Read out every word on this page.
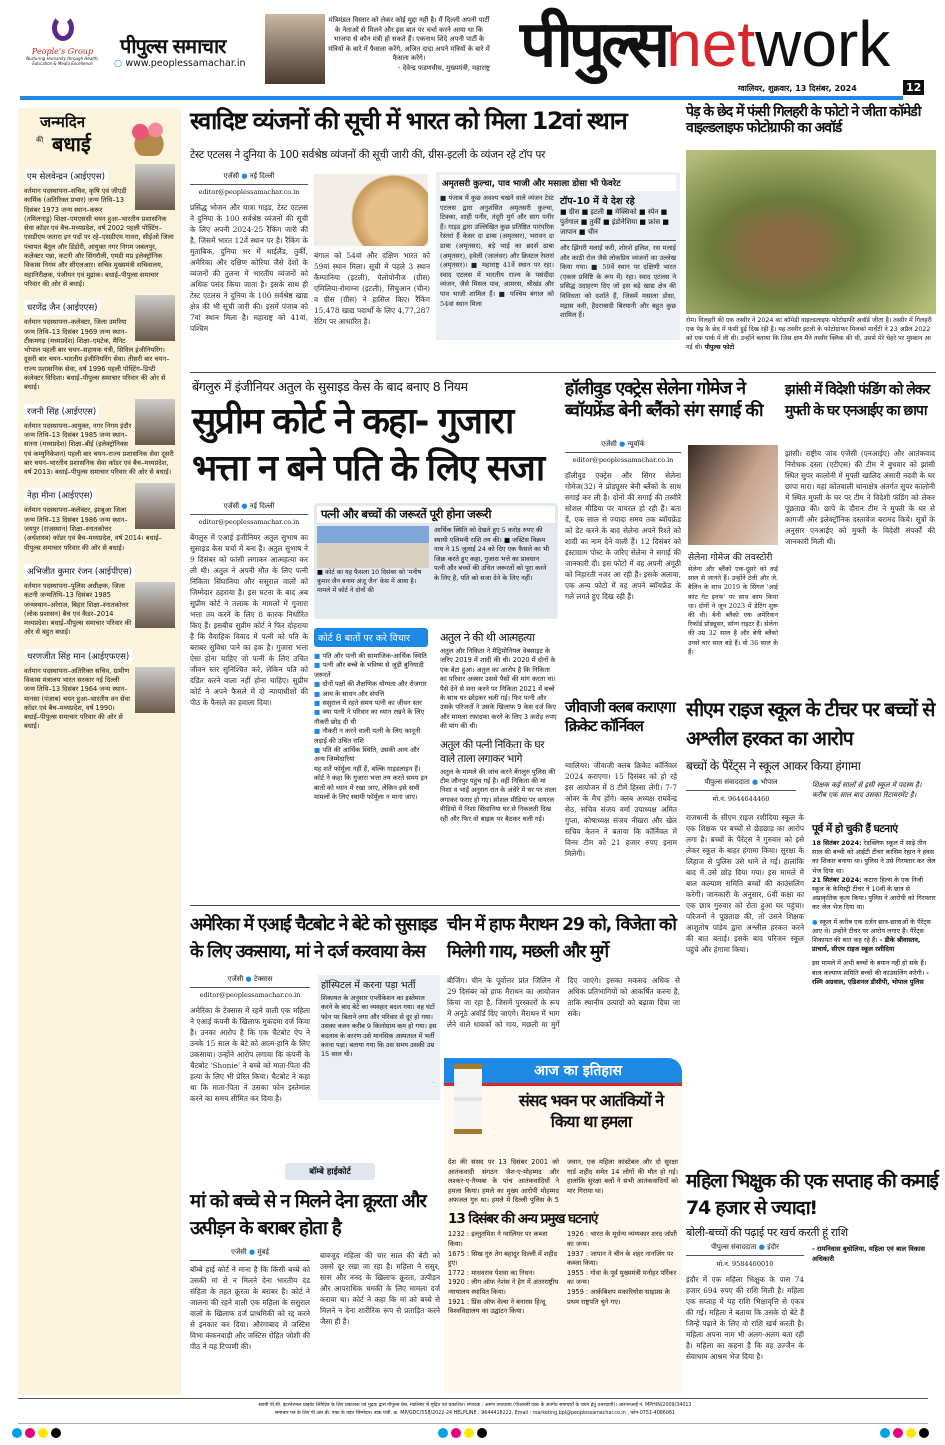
People's Group
Nurturing Humanity through Health, Education & Media Excellence
पीपुल्स समाचार
○ www.peoplessamachar.in
मंत्रिमंडल विस्तार को लेकर कोई मुद्दा नहीं है। मैं दिल्ली अपनी पार्टी के नेताओं से मिलने और इस बात पर चर्चा करने आया था कि भाजपा से कौन मंत्री हो सकते हैं। एकनाथ शिंदे अपनी पार्टी के मंत्रियों के बारे में फैसला करेंगे, अजित दादा अपने मंत्रियों के बारे में फैसला करेंगे।
- देवेन्द्र फडणवीस, मुख्यमंत्री, महाराष्ट्र पीपुल्सnetwork
ग्वालियर, शुक्रवार, 13 दिसंबर, 2024	12
जन्मदिन
की बधाई
एम सेलवेन्द्रन (आईएएस)
वर्तमान पदस्थापना–सचिव, कृषि एवं जीएडी कार्मिक (अतिरिक्त प्रभार) जन्म तिथि–13 दिसंबर 1973 जन्म स्थान–करूर (तमिलनाडु) शिक्षा–एमएससी चयन हुआ–भारतीय प्रशासनिक सेवा कॉडर एवं बैच–मध्यप्रदेश, वर्ष 2002 पहली पोस्टिंग–एसडीएम जतारा इन पदों पर रहे–एसडीएम गावरा, सीईओ जिला पंचायत बैतूल और डिंडोरी, आयुक्त नगर निगम जबलपुर, कलेक्टर पन्ना, कटनी और सिंगरौली, एमडी मप्र इलेक्ट्रॉनिक विकास निगम और सीएलआर। सचिव मुख्यमंत्री सचिवालय, महानिरीक्षक, पंजीयन एवं मुद्रांक। बधाई–पीपुल्स समाचार परिवार की ओर से बधाई।
धरणेंद्र जैन (आईएएस)
वर्तमान पदस्थापना–कलेक्टर, जिला उमरिया जन्म तिथि–13 दिसंबर 1969 जन्म स्थान–टीकमगढ़ (मध्यप्रदेश) शिक्षा–एमटेक, मैनिट भोपाल पहली बार चयन–सहायक यंत्री, सिविल इंजीनियरिंग। दूसरी बार चयन–भारतीय इंजीनियरिंग सेवा। तीसरी बार चयन–राज्य प्रशासनिक सेवा, वर्ष 1996 पहली पोस्टिंग–डिप्टी कलेक्टर विदिशा। बधाई–पीपुल्स समाचार परिवार की ओर से बधाई।
रजनी सिंह (आईएएस)
वर्तमान पदस्थापना–आयुक्त, नगर निगम इंदौर जन्म तिथि–13 दिसंबर 1985 जन्म स्थान–सतना (मध्यप्रदेश) शिक्षा–बीई (इलेक्ट्रॉनिक्स एवं कम्युनिकेशन) पहली बार चयन–राज्य प्रशासनिक सेवा दूसरी बार चयन–भारतीय प्रशासनिक सेवा कॉडर एवं बैच–मध्यप्रदेश, वर्ष 2013। बधाई–पीपुल्स समाचार परिवार की ओर से बधाई।
नेहा मीना (आईएएस)
वर्तमान पदस्थापना–कलेक्टर, झाबुआ जिला जन्म तिथि–13 दिसंबर 1986 जन्म स्थान–जयपुर (राजस्थान) शिक्षा–स्नातकोत्तर (अर्थशास्त्र) कॉडर एवं बैच–मध्यप्रदेश, वर्ष 2014। बधाई–पीपुल्स समाचार परिवार की ओर से बधाई।
अभिजीत कुमार रंजन (आईपीएस)
वर्तमान पदस्थापना–पुलिस अधीक्षक, जिला कटनी जन्मतिथि–13 दिसंबर 1985 जन्मस्थान–अरेराज, बिहार शिक्षा–स्नातकोत्तर (लोक प्रशासन) बैच एवं कैडर–2014 मध्यप्रदेश। बधाई–पीपुल्स समाचार परिवार की ओर से बहुत बधाई।
चरणजीत सिंह मान (आईएफएस)
वर्तमान पदस्थापना–अतिरिक्त सचिव, ग्रामीण विकास मंत्रालय भारत सरकार नई दिल्ली जन्म तिथि–13 दिसंबर 1964 जन्म स्थान–मानसा (पंजाब) चयन हुआ–भारतीय वन सेवा कॉडर एवं बैच–मध्यप्रदेश, वर्ष 1990। बधाई–पीपुल्स समाचार परिवार की ओर से बधाई।
स्वादिष्ट व्यंजनों की सूची में भारत को मिला 12वां स्थान
टेस्ट एटलस ने दुनिया के 100 सर्वश्रेष्ठ व्यंजनों की सूची जारी की, ग्रीस-इटली के व्यंजन रहे टॉप पर
एजेंसी ● नई दिल्ली
editor@peoplessamachar.co.in
प्रसिद्ध भोजन और यात्रा गाइड, टेस्ट एटलस ने दुनिया के 100 सर्वश्रेष्ठ व्यंजनों की सूची के लिए अपनी 2024-25 रैंकिंग जारी की है, जिसमें भारत 12वें स्थान पर है। रैंकिंग के मुताबिक, दुनिया भर में थाईलैंड, तुर्की, अमेरिका और दक्षिण कोरिया जैसे देशों के व्यंजनों की तुलना में भारतीय व्यंजनों को अधिक पसंद किया जाता है। इसके साथ ही टेस्ट एटलस ने दुनिया के 100 सर्वश्रेष्ठ खाद्य क्षेत्र की भी सूची जारी की। इसमें पंजाब को 7वां स्थान मिला है। महाराष्ट्र को 41वां, पश्चिम
बंगाल को 54वां और दक्षिण भारत को 59वां स्थान मिला। सूची में पहले 3 स्थान कैम्पानिया (इटली), पेलोपोनीज (ग्रीस) एमिलिया-रोमाग्ना (इटली), सिचुआन (चीन) व ग्रीस (ग्रीस) ने हासिल किए। रैंकिंग 15,478 खाद्य पदार्थों के लिए 4,77,287 रेटिंग पर आधारित है।
अमृतसरी कुल्चा, पाव भाजी और मसाला डोसा भी फेवरेट
■ पंजाब में कुछ अवश्य चखने वाले व्यंजन टेस्ट एटलस द्वारा अनुशंसित अमृतसरी कुल्चा, टिक्का, शाही पनीर, तंदूरी मुर्ग और साग पनीर हैं। गाइड द्वारा उल्लिखित कुछ प्रतिष्ठित पारंपरिक रेस्तरां हैं केसर दा ढाबा (अमृतसर), भरावन दा ढाबा (अमृतसर), बड़े भाई का ब्रदर्स ढाबा (अमृतसर), हवेली (जालंधर) और क्रिस्टल रेस्तरां (अमृतसर)। ■ महाराष्ट्र 41वें स्थान पर रहा। स्वाद एटलस में भारतीय राज्य के पसंदीदा व्यंजन, जैसे मिसल पाव, आमरस, श्रीखंड और पाव भाजी शामिल हैं। ■ पश्चिम बंगाल को 54वां स्थान मिला
टॉप-10 में ये देश रहे
■ ग्रीस ■ इटली ■ मेक्सिको ■ स्पेन ■ पुर्तगाल ■ तुर्की ■ इंडोनेशिया ■ फ्रांस ■ जापान ■ चीन
और झिंगरी मलाई करी, शोरशे इलिश, रस मलाई और काठी रोल जैसे लोकप्रिय व्यंजनों का उल्लेख किया गया। ■ 59वें स्थान पर दक्षिणी भारत (एकल प्रविष्टि के रूप में) रहा। स्वाद एटलस ने प्रसिद्ध उदाहरण दिए जो इस बड़े खाद्य क्षेत्र की विविधता को दर्शाते हैं, जिसमें मसाला डोसा, मद्रास करी, हैदराबादी बिरयानी और बहुत कुछ शामिल हैं।
पेड़ के छेद में फंसी गिलहरी के फोटो ने जीता कॉमेडी वाइल्डलाइफ फोटोग्राफी का अवॉर्ड
रोम। गिलहरी की एक तस्वीर ने 2024 का कॉमेडी वाइल्डलाइफ फोटोग्राफी अवॉर्ड जीता है। तस्वीर में गिलहरी एक पेड़ के छेद में फंसी हुई दिख रही है। यह तस्वीर इटली के फोटोग्राफर मिलको मार्चेटी ने 23 अप्रैल 2022 को एक पार्क में ली थी। उन्होंने बताया कि जिस क्षण मैंने तस्वीर क्लिक की थी, उससे मेरे चेहरे पर मुस्कान आ गई थी। पीपुल्स फोटो
बेंगलुरु में इंजीनियर अतुल के सुसाइड केस के बाद बनाए 8 नियम
सुप्रीम कोर्ट ने कहा- गुजारा भत्ता न बने पति के लिए सजा
एजेंसी ● नई दिल्ली
editor@peoplessamachar.co.in
बेंगलुरु में एआई इंजीनियर अतुल सुभाष का सुसाइड केस चर्चा में बना है। अतुल सुभाष ने 9 दिसंबर को फांसी लगाकर आत्महत्या कर ली थी। अतुल ने अपनी मौत के लिए पत्नी निकिता सिंघानिया और ससुराल वालों को जिम्मेदार ठहराया है। इस घटना के बाद अब सुप्रीम कोर्ट ने तलाक के मामलों में गुजारा भत्ता तय करने के लिए 8 कारक निर्धारित किए हैं। इसबीच सुप्रीम कोर्ट ने फिर दोहराया है कि वैवाहिक विवाद में पत्नी को पति के बराबर सुविधा पाने का हक है। गुजारा भत्ता ऐसा होना चाहिए जो पत्नी के लिए उचित जीवन स्तर सुनिश्चित करे, लेकिन पति को दंडित करने वाला नहीं होना चाहिए। सुप्रीम कोर्ट ने अपने फैसले में दो न्यायाधीशों की पीठ के फैसले का हवाला दिया।
पत्नी और बच्चों की जरूरतें पूरी होना जरूरी
■ कोर्ट का यह फैसला 10 दिसंबर को 'मनीष कुमार जैन बनाम अंजू जैन' केस में आया है। मामले में कोर्ट ने दोनों की
आर्थिक स्थिति को देखते हुए 5 करोड़ रुपए की स्थायी एलिमनी राशि तय की। ■ जस्टिस विक्रम नाथ ने 15 जुलाई 24 को दिए एक फैसले का भी जिक्र करते हुए कहा, गुजारा भत्ते का प्रावधान पत्नी और बच्चों की उचित जरूरतों को पूरा करने के लिए है, पति को सजा देने के लिए नहीं।
कोर्ट 8 बातों पर करे विचार
■ पति और पत्नी की सामाजिक-आर्थिक स्थिति
■ पत्नी और बच्चे के भविष्य से जुड़ी बुनियादी जरूरतें
■ दोनों पक्षों की शैक्षणिक योग्यता और रोजगार
■ आय के साधन और संपत्ति
■ ससुराल में रहते समय पत्नी का जीवन स्तर
■ क्या पत्नी ने परिवार का ध्यान रखने के लिए नौकरी छोड़ दी थी
■ नौकरी न करने वाली पत्नी के लिए कानूनी लड़ाई की उचित राशि
■ पति की आर्थिक स्थिति, उसकी आय और अन्य जिम्मेदारियां
यह शर्तें फॉर्मूला नहीं हैं, बल्कि गाइडलाइन हैं। कोर्ट ने कहा कि गुजारा भत्ता तय करते समय इन बातों को ध्यान में रखा जाए, लेकिन इसे सभी मामलों के लिए स्थायी फॉर्मूला न माना जाए।
अतुल ने की थी आत्महत्या
अतुल और निकिता ने मैट्रिमोनियल वेबसाइट के जरिए 2019 में शादी की थी। 2020 में दोनों के एक बेटा हुआ। अतुल का आरोप है कि निकिता का परिवार अक्सर उससे पैसों की मांग करता था। पैसे देने से मना करने पर निकिता 2021 में बच्चे के साथ घर छोड़कर चली गई। फिर पत्नी और उसके परिजनों ने उसके खिलाफ 9 केस दर्ज किए और मामला रफादफा करने के लिए 3 करोड़ रुपए की मांग की थी।
अतुल की पत्नी निकिता के घर वाले ताला लगाकर भागे
अतुल के मामले की जांच करने बेंगलुरु पुलिस की टीम जौनपुर पहुंच गई है। वहीं निकिता की मां निशा व भाई अनुराग रात के अंधेरे में घर पर ताला लगाकर फरार हो गए। सोशल मीडिया पर वायरल वीडियो में निशा सिंघानिया घर से निकलती दिख रही और फिर वो बाइक पर बैठकर चली गई।
हॉलीवुड एक्ट्रेस सेलेना गोमेज ने ब्वॉयफ्रेंड बेनी ब्लैंको संग सगाई की
एजेंसी ● न्यूयॉर्क
editor@peoplessamachar.co.in
हॉलीवुड एक्ट्रेस और सिंगर सेलेना गोमेज(32) ने प्रोड्यूसर बेनी ब्लैंको के साथ सगाई कर ली है। दोनों की सगाई की तस्वीरें सोशल मीडिया पर वायरल हो रही हैं। बता दें, एक साल से ज्यादा समय तक ब्वॉयफ्रेंड को डेट करने के बाद सेलेना अपने रिश्ते को शादी का नाम देने वाली हैं। 12 दिसंबर को इंस्टाग्राम पोस्ट के जरिए सेलेना ने सगाई की जानकारी दी। इस फोटो में वह अपनी अंगूठी को निहारती नजर आ रही हैं। इसके अलावा, एक अन्य फोटो में वह अपने ब्वॉयफ्रेंड के गले लगते हुए दिख रही हैं।
सेलेना गोमेज की लवस्टोरी
सेलेना और ब्लैंको एक-दूसरे को कई साल से जानते हैं। उन्होंने टेली और जे. बैलिन के साथ 2019 के सिंगल 'आई कांट गेट इनफ' पर साथ काम किया था। दोनों ने जून 2023 में डेटिंग शुरू की थी। बेनी ब्लैंको एक अमेरिकन रिकॉर्ड प्रोड्यूसर, सॉन्ग राइटर हैं। सेलेना की उम्र 32 साल है और बेनी ब्लैंको उनसे चार साल बड़े हैं। वो 36 साल के हैं।
झांसी में विदेशी फंडिंग को लेकर मुफ्ती के घर एनआईए का छापा
झांसी। राष्ट्रीय जांच एजेंसी (एनआईए) और आतंकवाद निरोधक दस्ता (एटीएस) की टीम ने बुधवार को झांसी स्थित सुपर कालोनी में मुफ्ती खालिद अंसारी नदवी के घर छापा मारा। यहां कोतवाली थानाक्षेत्र अंतर्गत सुपर कालोनी में स्थित मुफ्ती के घर पर टीम ने विदेशी फंडिंग को लेकर पूछताछ की। छापे के दौरान टीम ने मुफ्ती के घर से कागजी और इलेक्ट्रॉनिक दस्तावेज बरामद किये। सूत्रों के अनुसार एनआईए को मुफ्ती के विदेशी संपर्कों की जानकारी मिली थी।
जीवाजी क्लब कराएगा क्रिकेट कॉर्निवल
ग्वालियर। जीवाजी क्लब क्रिकेट कॉर्निवल 2024 कराएगा। 15 दिसंबर को हो रहे इस आयोजन में 8 टीमें हिस्सा लेंगी। 7-7 ओवर के मैच होंगे। क्लब अध्यक्ष राघवेन्द्र सेठ, सचिव संजय वर्मा उपाध्यक्ष अमित गुप्ता, कोषाध्यक्ष संजय नीखरा और खेल सचिव केतन ने बताया कि कॉर्निवल में विनर टीम को 21 हजार रुपए इनाम मिलेगी।
सीएम राइज स्कूल के टीचर पर बच्चों से अश्लील हरकत का आरोप
बच्चों के पैरेंट्स ने स्कूल आकर किया हंगामा
पीपुल्स संवाददाता ● भोपाल
मो.नं. 9644644460
शिक्षक कई सालों से इसी स्कूल में पदस्थ है। करीब एक साल बाद उसका रिटायरमेंट है।
राजधानी के सीएम राइज रशीदिया स्कूल के एक शिक्षक पर बच्चों से छेड़छाड़ का आरोप लगा है। बच्चों के पैरेंट्स ने गुरुवार को इसे लेकर स्कूल के बाहर हंगामा किया। सुरक्षा के लिहाज से पुलिस उसे थाने ले गई। हालांकि बाद में उसे छोड़ दिया गया। इस मामले में बाल कल्याण समिति बच्चों की काउंसलिंग करेगी। जानकारी के अनुसार, 6वीं कक्षा का एक छात्र गुरुवार को रोता हुआ घर पहुंचा। परिजनों ने पूछताछ की, तो उसने शिक्षक आशुतोष पांडेय द्वारा अश्लील हरकत करने की बात बताई। इसके बाद परिजन स्कूल पहुंचे और हंगामा किया।
पूर्व में हो चुकी हैं घटनाएं
18 सितंबर 2024: रेडक्लिफ स्कूल में साढ़े तीन साल की बच्ची को आईटी टीचर कासिम रेहान ने हवस का शिकार बनाया था। पुलिस ने उसे गिरफ्तार कर जेल भेज दिया था।
21 सितंबर 2024: कटारा हिल्स के एक निजी स्कूल के केमिस्ट्री टीचर ने 10वीं के छात्र से अप्राकृतिक कृत्य किया। पुलिस ने आरोपी को गिरफ्तार कर जेल भेज दिया था।
● स्कूल में करीब एक दर्जन छात्र-छात्राओं के पैरेंट्स आए थे। उन्होंने टीचर पर आरोप लगाए हैं। पैरेंट्स शिकायत की बात कह रहे हैं। - डीके श्रीवास्तव, प्राचार्य, सीएम राइज स्कूल रशीदिया
इस मामले में अभी बच्चों के बयान नहीं हो सके हैं। बाल कल्याण समिति बच्चों की काउंसलिंग करेगी। - रश्मि अग्रवाल, एडिशनल डीसीपी, भोपाल पुलिस
अमेरिका में एआई चैटबोट ने बेटे को सुसाइड के लिए उकसाया, मां ने दर्ज करवाया केस
एजेंसी ● टेक्सास
editor@peoplessamachar.co.in
अमेरिका के टेक्सास में रहने वाली एक महिला ने एआई कंपनी के खिलाफ मुकदमा दर्ज किया है। उनका आरोप है कि एक चैटबोट ऐप ने उनके 15 साल के बेटे को आत्म-हानि के लिए उकसाया। उन्होंने आरोप लगाया कि कंपनी के चैटबोट 'Shonie' ने बच्चे को माता-पिता की हत्या के लिए भी प्रेरित किया। चैटबोट ने कहा था कि माता-पिता ने उसका फोन इस्तेमाल करने का समय सीमित कर दिया है।
हॉस्पिटल में करना पड़ा भर्ती
शिकायत के अनुसार एप्लीकेशन का इस्तेमाल करने के बाद बेटे का व्यवहार बदल गया। वह घंटों फोन पर बिताने लगा और परिवार से दूर हो गया। उसका वजन करीब 9 किलोग्राम कम हो गया। इस बदलाव के कारण उसे मानसिक अस्पताल में भर्ती करना पड़ा। बताया गया कि उस समय उसकी उम्र 15 साल थी।
चीन में हाफ मैराथन 29 को, विजेता को मिलेगी गाय, मछली और मुर्गे
बीजिंग। चीन के पूर्वोत्तर प्रांत जिलिन में 29 दिसंबर को हाफ मैराथन का आयोजन किया जा रहा है, जिसमें पुरस्कारों के रूप में अनूठे अवॉर्ड दिए जाएंगे। मैराथन में भाग लेने वाले धावकों को गाय, मछली या मुर्गे दिए जाएंगे। इसका मकसद अधिक से अधिक प्रतिभागियों को आकर्षित करना है, ताकि स्थानीय उत्पादों को बढ़ावा दिया जा सके।
आज का इतिहास
संसद भवन पर आतंकियों ने किया था हमला
देश की संसद पर 13 दिसंबर 2001 को आतंकवादी संगठन जैश-ए-मोहम्मद और लश्कर-ए-तैय्यबा के पांच आतंकवादियों ने हमला किया। हमले का मुख्य आरोपी मोहम्मद अफजल गुरु था। हमले में दिल्ली पुलिस के 5 जवान, एक महिला कांस्टेबल और दो सुरक्षा गार्ड शहीद समेत 14 लोगों की मौत हो गई। हालांकि सुरक्षा बलों ने सभी आतंकवादियों को मार गिराया था।
13 दिसंबर की अन्य प्रमुख घटनाएं
1232 : इल्तुतमिश ने ग्वालियर पर कब्जा किया।
1675 : सिख गुरु तेग बहादुर दिल्ली में शहीद हुए।
1772 : माधवराव पेशवा का निधन।
1920 : लीग ऑफ नेशंस ने हेग में अंतरराष्ट्रीय न्यायालय स्थापित किया।
1921 : प्रिंस ऑफ वेल्स ने बनारस हिन्दू विश्वविद्यालय का उद्घाटन किया।
1926 : भारत के मूर्धन्य व्यंग्यकार शरद जोशी का जन्म।
1937 : जापान ने चीन के शहर नानजिंग पर कब्जा किया।
1955 : गोवा के पूर्व मुख्यमंत्री मनोहर पर्रिकर का जन्म।
1959 : आर्कबिशप मकारियोस साइप्रस के प्रथम राष्ट्रपति चुने गए।
बॉम्बे हाईकोर्ट
मां को बच्चे से न मिलने देना क्रूरता और उत्पीड़न के बराबर होता है
एजेंसी ● मुंबई
बॉम्बे हाई कोर्ट ने माना है कि किसी बच्चे को उसकी मां से न मिलने देना भारतीय दंड संहिता के तहत क्रूरता के बराबर है। कोर्ट ने जालना की रहने वाली एक महिला के ससुराल वालों के खिलाफ दर्ज प्राथमिकी को रद्द करने से इनकार कर दिया। औरंगाबाद में जस्टिस विभा कंकनवाड़ी और जस्टिस रोहित जोशी की पीठ ने यह टिप्पणी की।
बावजूद महिला की चार साल की बेटी को उससे दूर रखा जा रहा है। महिला ने ससुर, सास और ननद के खिलाफ क्रूरता, उत्पीड़न और आपराधिक धमकी के लिए मामला दर्ज कराया था। कोर्ट ने कहा कि मां को बच्चे से मिलने न देना शारीरिक रूप से प्रताड़ित करने जैसा ही है।
महिला भिक्षुक की एक सप्ताह की कमाई 74 हजार से ज्यादा!
बोली-बच्चों की पढ़ाई पर खर्च करती हूं राशि
पीपुल्स संवाददाता ● इंदौर
मो.नं. 9584460010
इंदौर में एक महिला भिक्षुक के पास 74 हजार 694 रुपए की राशि मिली है। महिला एक सप्ताह में यह राशि भिक्षावृत्ति से एकत्र की गई। महिला ने बताया कि उसके दो बेटे हैं जिन्हें पढ़ाने के लिए वो राशि खर्च करती है। महिला अपना नाम भी अलग-अलग बता रही है। महिला का कहना है कि वह उज्जैन के सेवाधाम आश्रम भेज दिया है।
- रामनिवास बुधोलिया, महिला एवं बाल विकास अधिकारी
स्वामी पी.सी. इंटरनेशनल प्राइवेट लिमिटेड के लिए प्रकाशक एवं मुद्रक द्वारा पीपुल्स प्रेस, ग्वालियर से मुद्रित एवं प्रकाशित। संपादक : अरुण उपाध्याय (पीआरबी एक्ट के अंतर्गत समाचारों के चयन हेतु उत्तरदायी)। आरएनआई नं. MPHIN/2009/34013
समाचार पत्र के लिए पी.आर.बी. एक्ट के तहत जिम्मेदार। डाक पंजी. क्र. MP/GDC/558/2022-24 HELPLINE : 9644418222, Email : marketing.bpl@peoplessamachar.co.in , फोन-0751-4086081
